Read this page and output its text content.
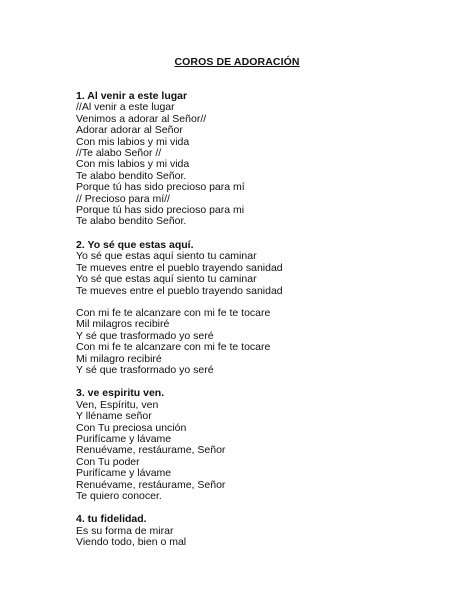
COROS DE ADORACIÓN
1. Al venir a este lugar
//Al venir a este lugar
Venimos a adorar al Señor//
Adorar adorar al Señor
Con mis labios y mi vida
//Te alabo Señor //
Con mis labios y mi vida
Te alabo bendito Señor.
Porque tú has sido precioso para mí
// Precioso para mí//
Porque tú has sido precioso para mi
Te alabo bendito Señor.
2. Yo sé que estas aquí.
Yo sé que estas aquí siento tu caminar
Te mueves entre el pueblo trayendo sanidad
Yo sé que estas aquí siento tu caminar
Te mueves entre el pueblo trayendo sanidad
Con mi fe te alcanzare con mi fe te tocare
Mil milagros recibiré
Y sé que trasformado yo seré
Con mi fe te alcanzare con mi fe te tocare
Mi milagro recibiré
Y sé que trasformado yo seré
3. ve espiritu ven.
Ven, Espíritu, ven
Y lléname señor
Con Tu preciosa unción
Purifícame y lávame
Renuévame, restáurame, Señor
Con Tu poder
Purifícame y lávame
Renuévame, restáurame, Señor
Te quiero conocer.
4. tu fidelidad.
Es su forma de mirar
Viendo todo, bien o mal
